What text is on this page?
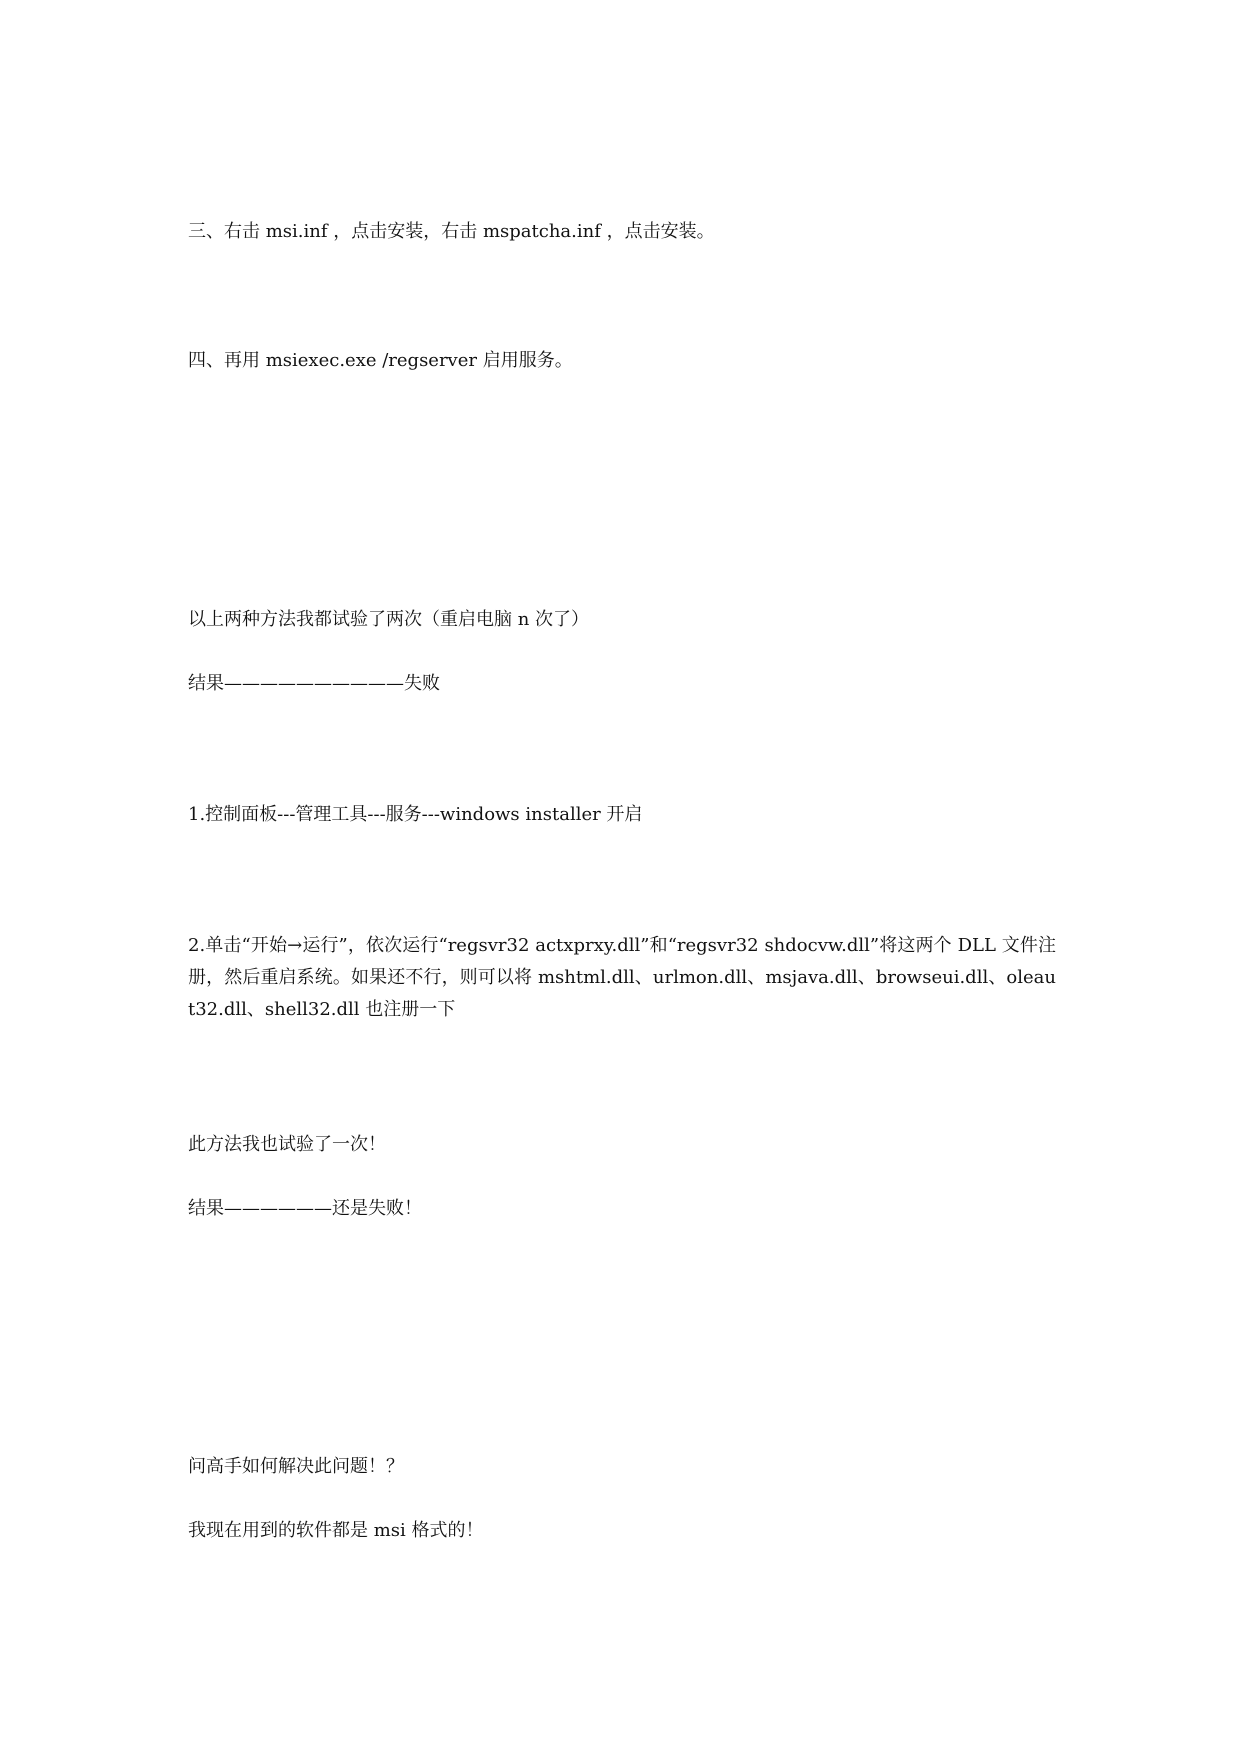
三、右击 msi.inf ，点击安装，右击 mspatcha.inf ，点击安装。

四、再用 msiexec.exe /regserver 启用服务。

以上两种方法我都试验了两次（重启电脑 n 次了）

结果——————————失败

1.控制面板---管理工具---服务---windows installer 开启

2.单击“开始→运行”，依次运行“regsvr32 actxprxy.dll”和“regsvr32 shdocvw.dll”将这两个 DLL 文件注册，然后重启系统。如果还不行，则可以将 mshtml.dll、urlmon.dll、msjava.dll、browseui.dll、oleaut32.dll、shell32.dll 也注册一下

此方法我也试验了一次！

结果——————还是失败！

问高手如何解决此问题！？

我现在用到的软件都是 msi 格式的！
